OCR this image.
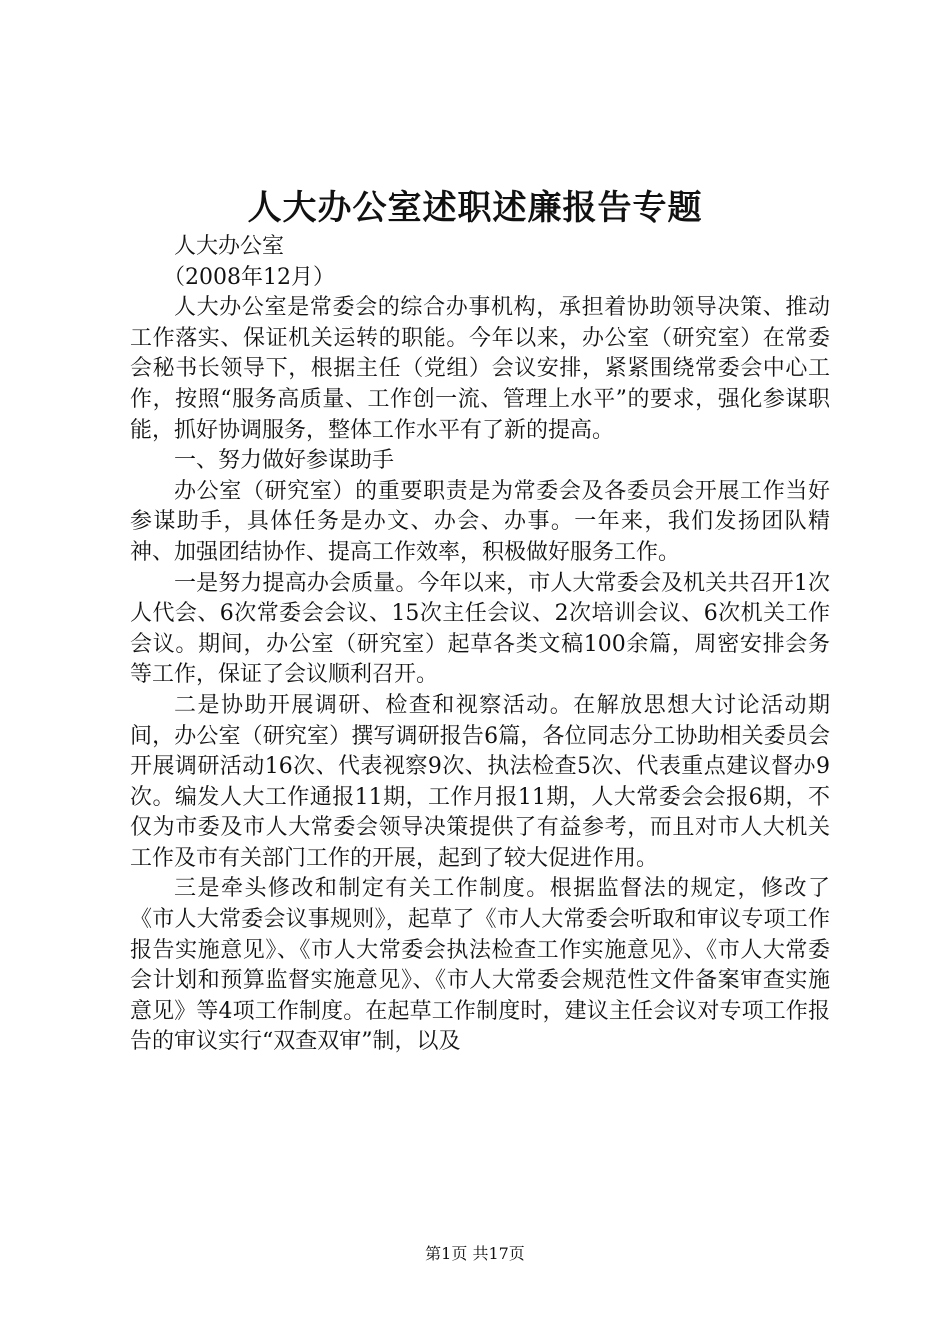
人大办公室述职述廉报告专题

人大办公室

（2008年12月）

人大办公室是常委会的综合办事机构，承担着协助领导决策、推动工作落实、保证机关运转的职能。今年以来，办公室（研究室）在常委会秘书长领导下，根据主任（党组）会议安排，紧紧围绕常委会中心工作，按照“服务高质量、工作创一流、管理上水平”的要求，强化参谋职能，抓好协调服务，整体工作水平有了新的提高。

一、努力做好参谋助手

办公室（研究室）的重要职责是为常委会及各委员会开展工作当好参谋助手，具体任务是办文、办会、办事。一年来，我们发扬团队精神、加强团结协作、提高工作效率，积极做好服务工作。

一是努力提高办会质量。今年以来，市人大常委会及机关共召开1次人代会、6次常委会会议、15次主任会议、2次培训会议、6次机关工作会议。期间，办公室（研究室）起草各类文稿100余篇，周密安排会务等工作，保证了会议顺利召开。

二是协助开展调研、检查和视察活动。在解放思想大讨论活动期间，办公室（研究室）撰写调研报告6篇，各位同志分工协助相关委员会开展调研活动16次、代表视察9次、执法检查5次、代表重点建议督办9次。编发人大工作通报11期，工作月报11期，人大常委会会报6期，不仅为市委及市人大常委会领导决策提供了有益参考，而且对市人大机关工作及市有关部门工作的开展，起到了较大促进作用。

三是牵头修改和制定有关工作制度。根据监督法的规定，修改了《市人大常委会议事规则》，起草了《市人大常委会听取和审议专项工作报告实施意见》、《市人大常委会执法检查工作实施意见》、《市人大常委会计划和预算监督实施意见》、《市人大常委会规范性文件备案审查实施意见》等4项工作制度。在起草工作制度时，建议主任会议对专项工作报告的审议实行“双查双审”制，以及

第1页 共17页
